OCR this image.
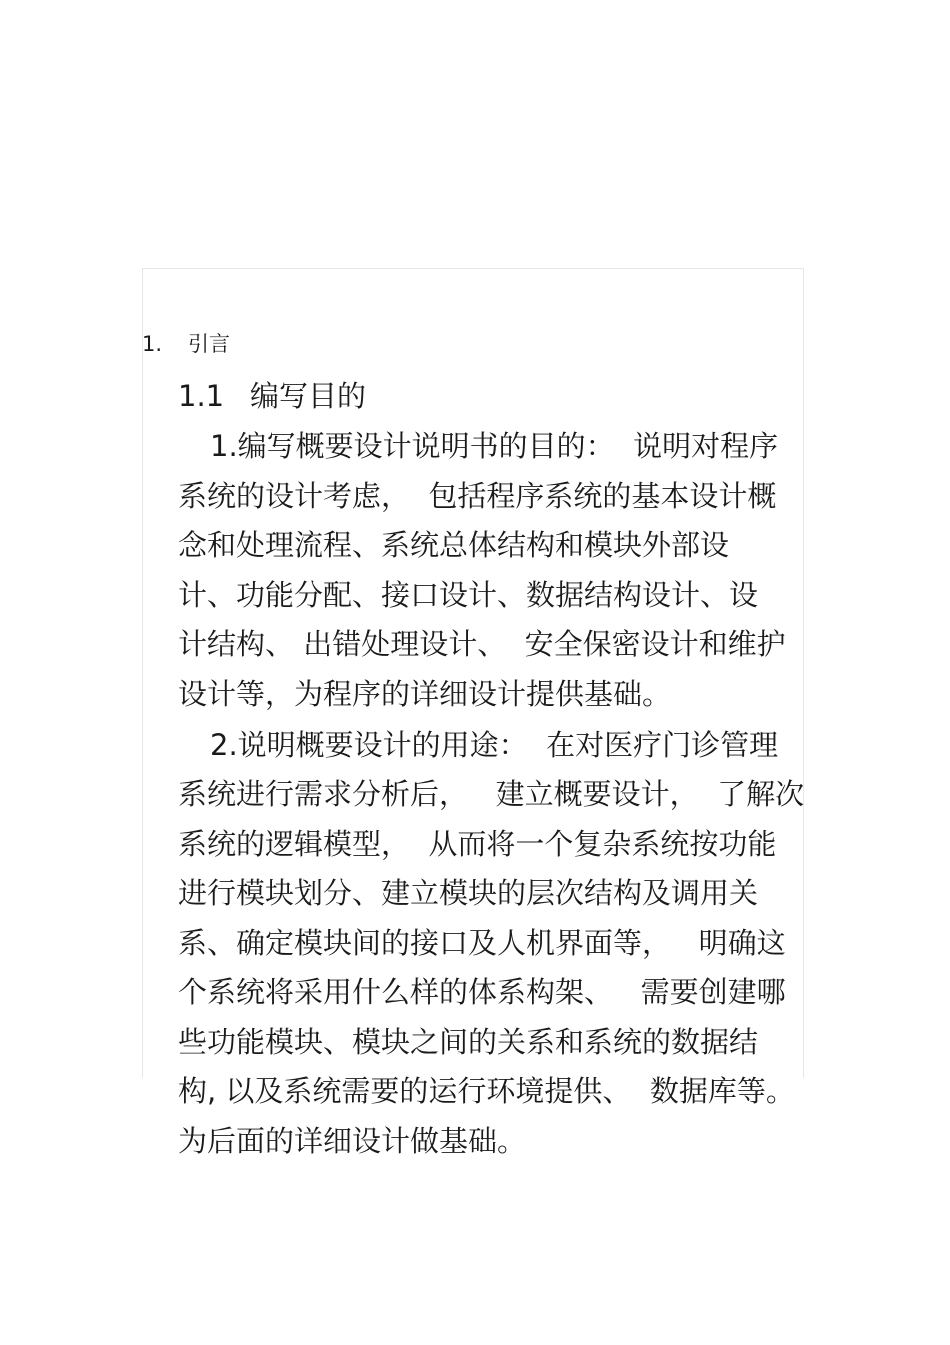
1. 引言
1.1 编写目的
1.编写概要设计说明书的目的：  说明对程序
系统的设计考虑，  包括程序系统的基本设计概
念和处理流程、系统总体结构和模块外部设
计、功能分配、接口设计、数据结构设计、设
计结构、 出错处理设计、  安全保密设计和维护
设计等，为程序的详细设计提供基础。
2.说明概要设计的用途：  在对医疗门诊管理
系统进行需求分析后，   建立概要设计，  了解次
系统的逻辑模型，  从而将一个复杂系统按功能
进行模块划分、建立模块的层次结构及调用关
系、确定模块间的接口及人机界面等，   明确这
个系统将采用什么样的体系构架、   需要创建哪
些功能模块、模块之间的关系和系统的数据结
构, 以及系统需要的运行环境提供、  数据库等。
为后面的详细设计做基础。
